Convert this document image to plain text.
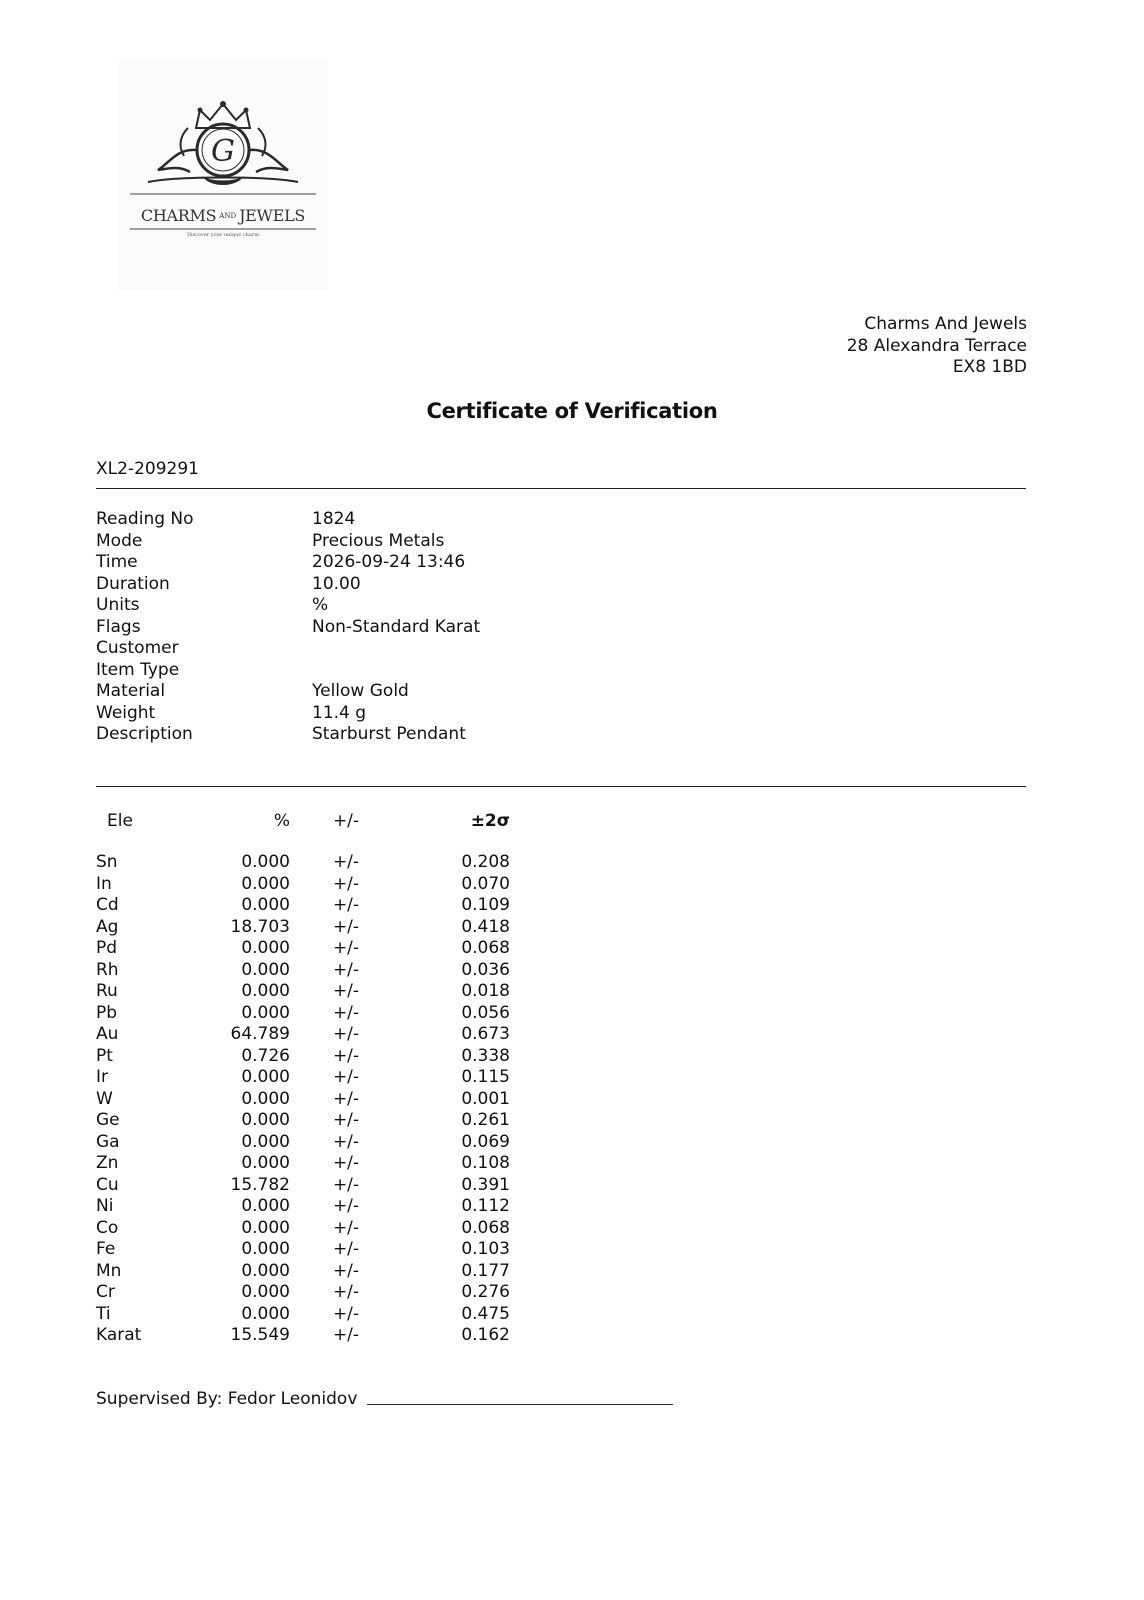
G
CHARMS AND JEWELS
Discover your unique charm
Charms And Jewels
28 Alexandra Terrace
EX8 1BD
Certificate of Verification
XL2-209291
Reading No	1824
Mode	Precious Metals
Time	2026-09-24 13:46
Duration	10.00
Units	%
Flags	Non-Standard Karat
Customer
Item Type
Material	Yellow Gold
Weight	11.4 g
Description	Starburst Pendant
Ele	%	+/-	±2σ
Sn	0.000	+/-	0.208
In	0.000	+/-	0.070
Cd	0.000	+/-	0.109
Ag	18.703	+/-	0.418
Pd	0.000	+/-	0.068
Rh	0.000	+/-	0.036
Ru	0.000	+/-	0.018
Pb	0.000	+/-	0.056
Au	64.789	+/-	0.673
Pt	0.726	+/-	0.338
Ir	0.000	+/-	0.115
W	0.000	+/-	0.001
Ge	0.000	+/-	0.261
Ga	0.000	+/-	0.069
Zn	0.000	+/-	0.108
Cu	15.782	+/-	0.391
Ni	0.000	+/-	0.112
Co	0.000	+/-	0.068
Fe	0.000	+/-	0.103
Mn	0.000	+/-	0.177
Cr	0.000	+/-	0.276
Ti	0.000	+/-	0.475
Karat	15.549	+/-	0.162
Supervised By: Fedor Leonidov
